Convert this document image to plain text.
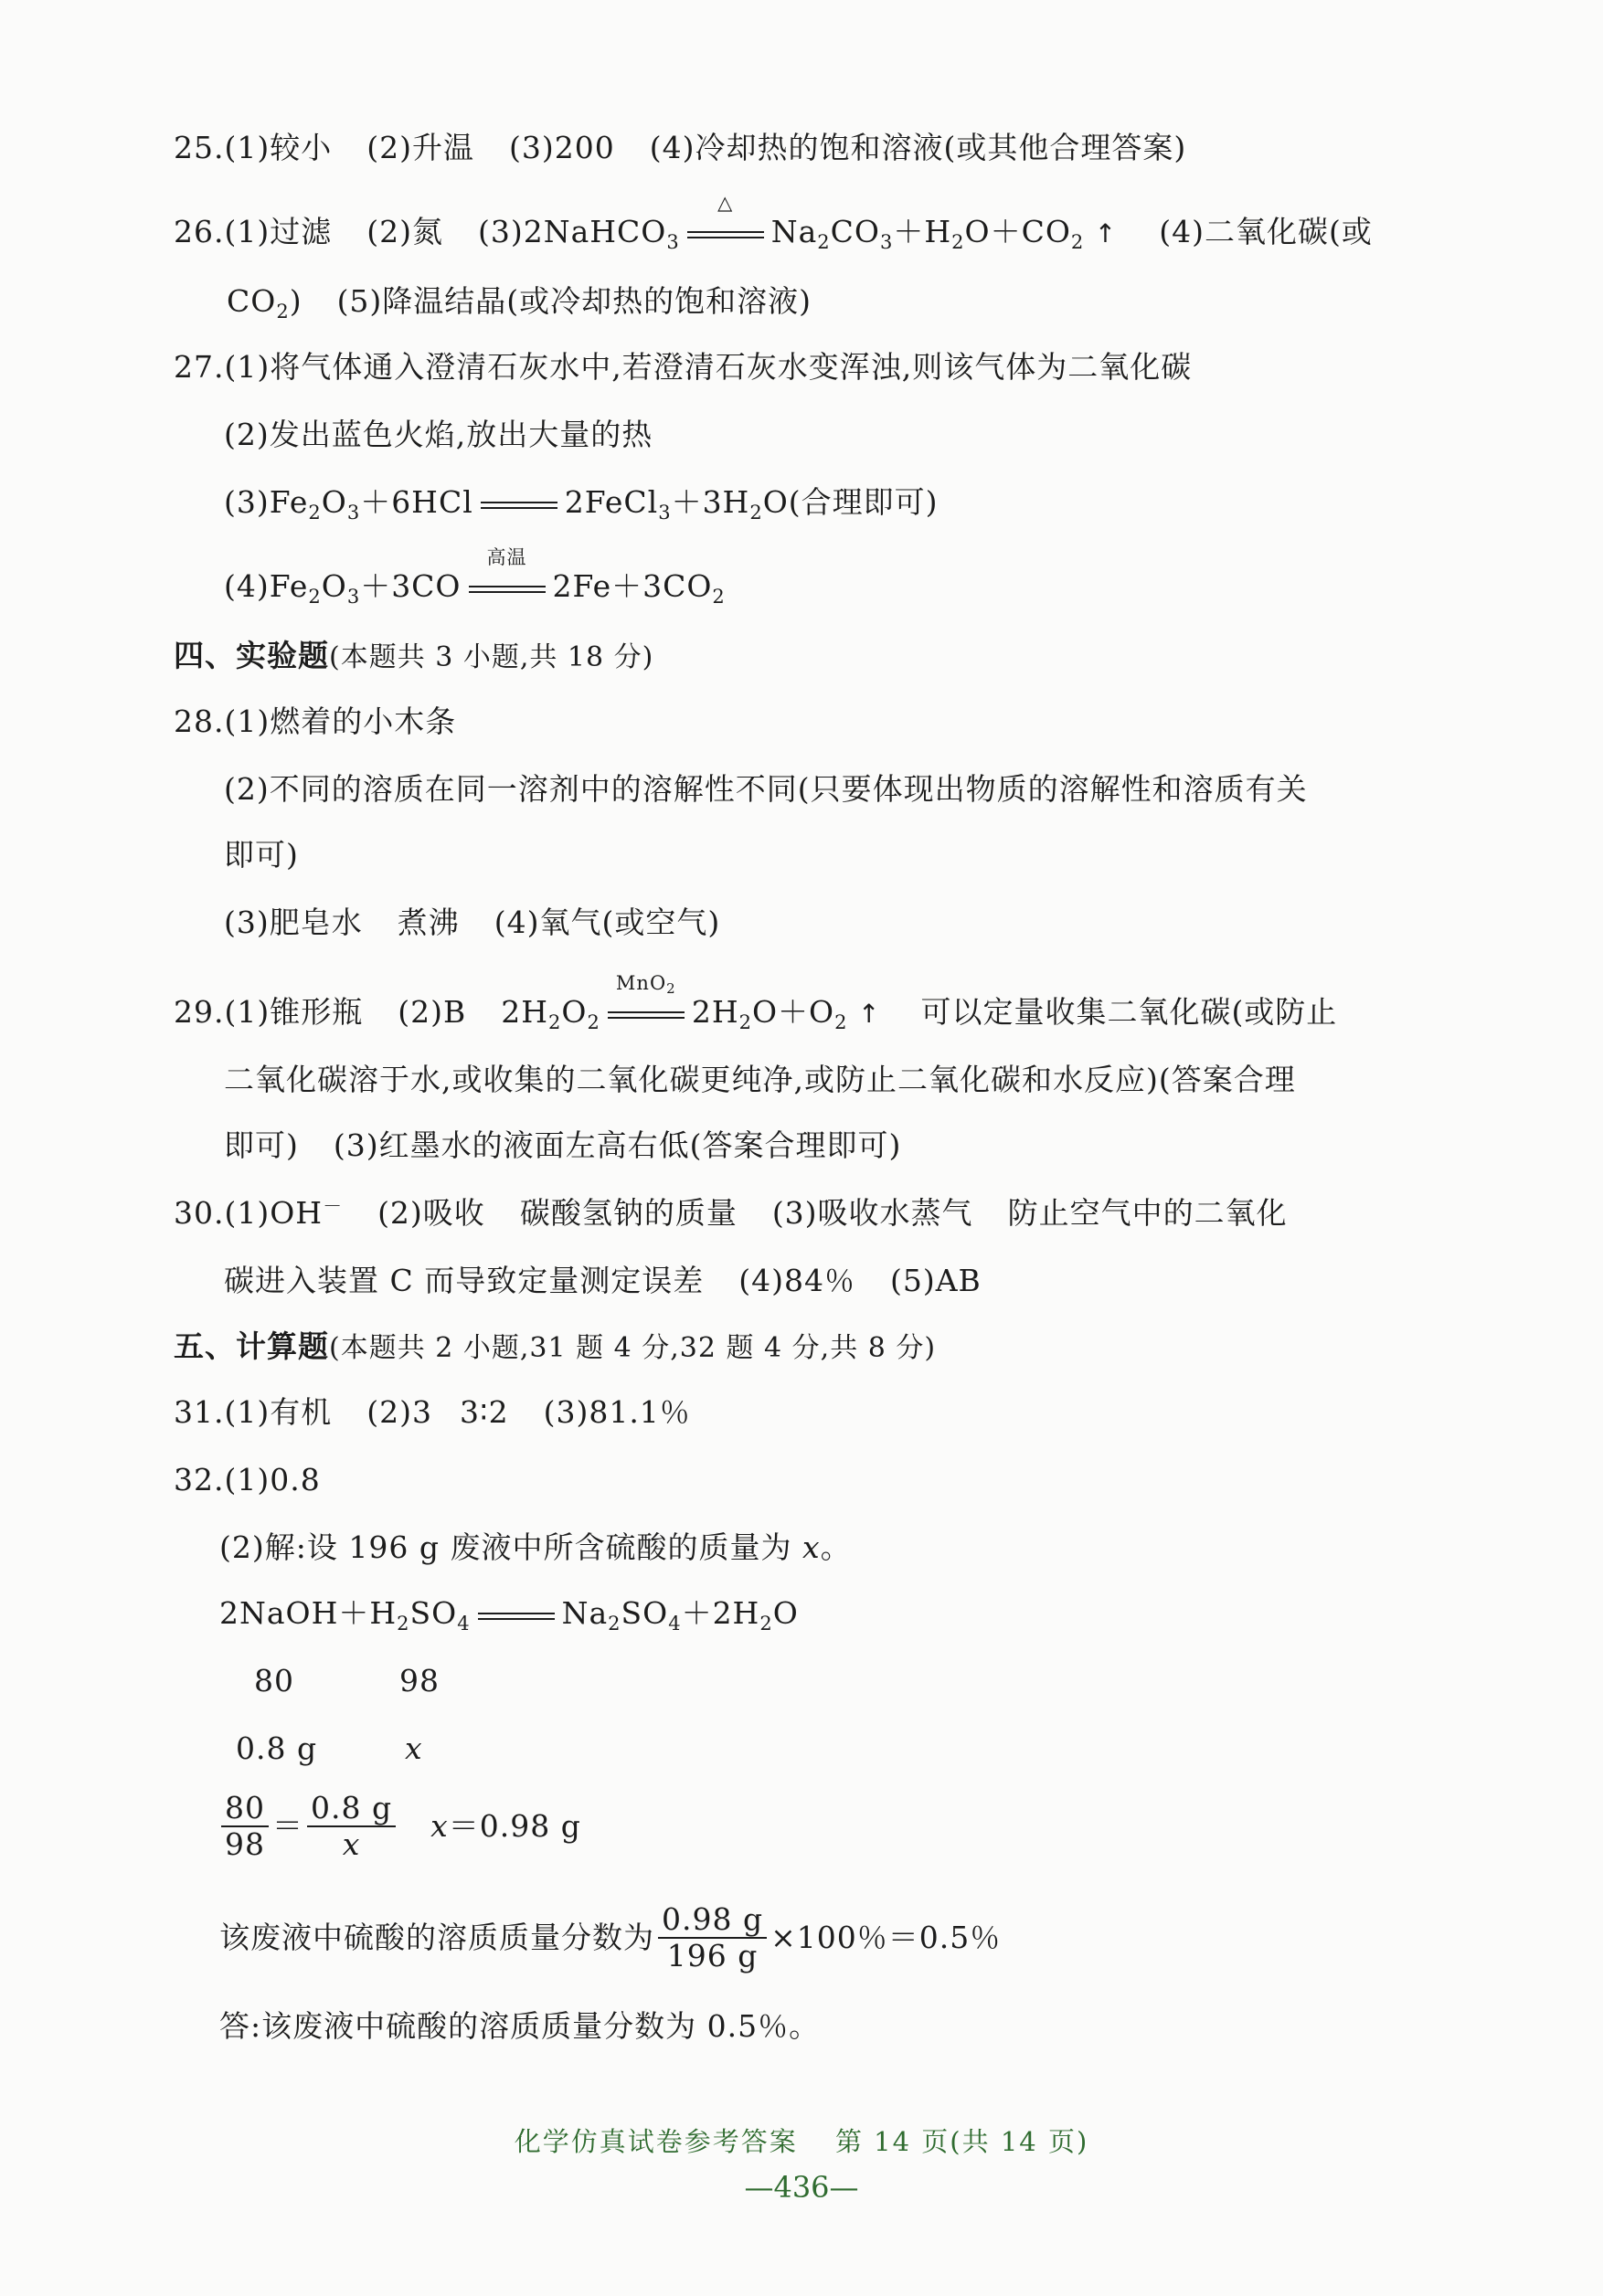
25.(1)较小 (2)升温 (3)200 (4)冷却热的饱和溶液(或其他合理答案)
26.(1)过滤 (2)氮 (3)2NaHCO$_3$
△
$Na_2CO_3+H_2O+CO_2$ ↑ (4)二氧化碳(或
$CO_2$) (5)降温结晶(或冷却热的饱和溶液)
27.(1)将气体通入澄清石灰水中,若澄清石灰水变浑浊,则该气体为二氧化碳
(2)发出蓝色火焰,放出大量的热
$(3)Fe_2O_3+6HCl$	$2FeCl_3+3H_2O$(合理即可)
$(4)Fe_2O_3+3CO$
高温
$2Fe+3CO_2$
四、实验题(本题共 3 小题,共 18 分)
28.(1)燃着的小木条
(2)不同的溶质在同一溶剂中的溶解性不同(只要体现出物质的溶解性和溶质有关
即可)
(3)肥皂水 煮沸 (4)氧气(或空气)
29.(1)锥形瓶 (2)B $2H_2O_2$
MnO$_2$
$2H_2O+O_2$ ↑ 可以定量收集二氧化碳(或防止
二氧化碳溶于水,或收集的二氧化碳更纯净,或防止二氧化碳和水反应)(答案合理
即可) (3)红墨水的液面左高右低(答案合理即可)
30.(1)OH－ (2)吸收 碳酸氢钠的质量 (3)吸收水蒸气 防止空气中的二氧化
碳进入装置 C 而导致定量测定误差 (4)84％ (5)AB
五、计算题(本题共 2 小题,31 题 4 分,32 题 4 分,共 8 分)
31.(1)有机 (2)3 3∶2 (3)81.1％
32.(1)0.8
(2)解:设 196 g 废液中所含硫酸的质量为 x。
$2NaOH+H_2SO_4$	$Na_2SO_4+2H_2O$
80	98
0.8 g	x
$\frac{80}{98} = \frac{0.8 g}{x} x=0.98$ g
该废液中硫酸的溶质质量分数为 $\frac{0.98 g}{196 g} \times 100$％＝0.5％
答:该废液中硫酸的溶质质量分数为 0.5％。
化学仿真试卷参考答案 第 14 页(共 14 页)
—436—
